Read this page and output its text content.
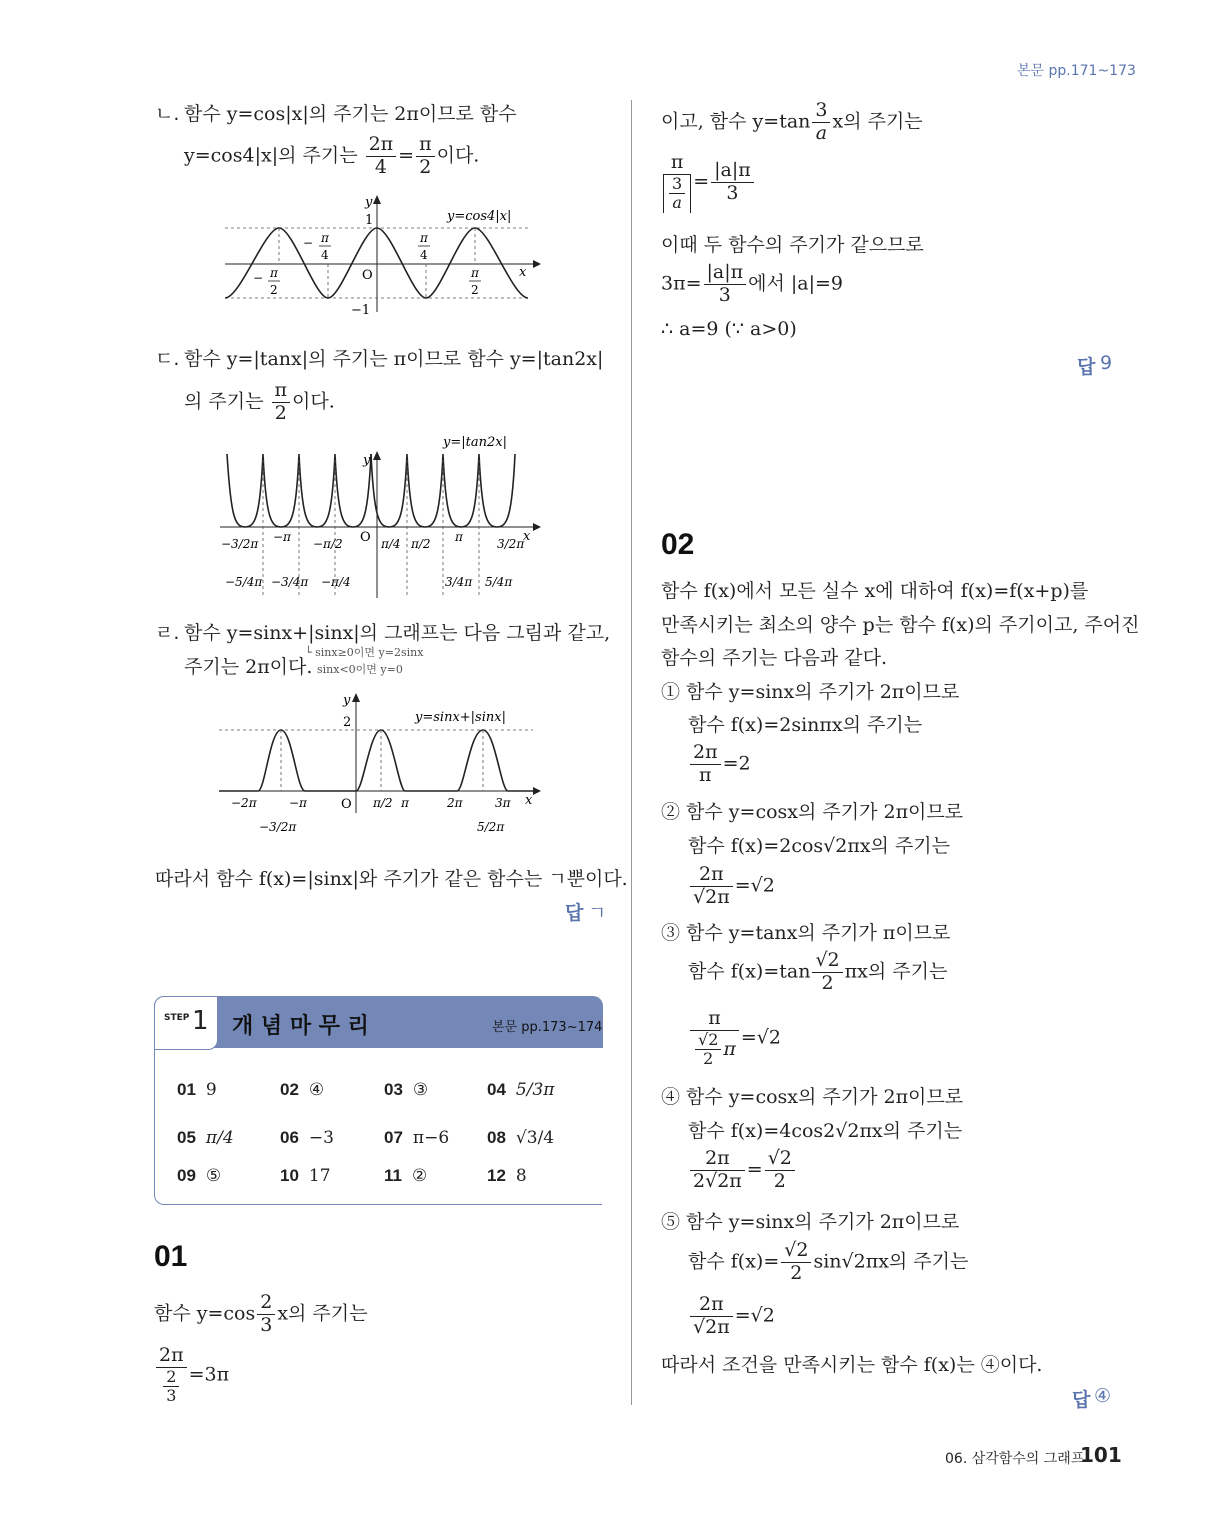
본문 pp.171~173
06. 삼각함수의 그래프
101
ㄴ. 함수 y=cos|x|의 주기는 2π이므로 함수
y=cos4|x|의 주기는 $\frac{2\pi}{4} = \frac{\pi}{2}$ 이다.
y
x
O
1
−1
y=cos4|x|
− π
4
π
4
− π
2
π
2
ㄷ. 함수 y=|tanx|의 주기는 π이므로 함수 y=|tan2x|
의 주기는 $\frac{\pi}{2}$ 이다.
y=|tan2x|
y
x
O
−3/2π −π −π/2	π/4 π/2 π	3/2π
−5/4π −3/4π −π/4	3/4π 5/4π
ㄹ. 함수 y=sinx+|sinx|의 그래프는 다음 그림과 같고,
주기는 2π이다.
└ sinx≥0이면 y=2sinx
sinx<0이면 y=0
y
x
O
2	y=sinx+|sinx|
−2π	−π	π/2 π	2π	3π
−3/2π	5/2π
따라서 함수 f(x)=|sinx|와 주기가 같은 함수는 ㄱ뿐이다.
답 ㄱ
STEP 1 개 념 마 무 리	본문 pp.173~174
01 9	02 ④	03 ③	04 5/3π
05 π/4	06 −3	07 π−6 08 √3/4
09 ⑤	10 17	11 ②	12 8
01
함수 $y=\cos \frac{2}{3}$ x의 주기는
$\frac{2\pi}{\frac{2}{3}} =3\pi$
이고, 함수 $y=\tan \frac{3}{a}$ x의 주기는
$\frac{\pi}{\frac{3}{a}} = \frac{|a|\pi}{3}$
이때 두 함수의 주기가 같으므로
$3\pi= \frac{|a|\pi}{3}$ 에서 |a|=9
∴ a=9 (∵ a>0)
답 9
02
함수 f(x)에서 모든 실수 x에 대하여 f(x)=f(x+p)를
만족시키는 최소의 양수 p는 함수 f(x)의 주기이고, 주어진
함수의 주기는 다음과 같다.
① 함수 y=sinx의 주기가 2π이므로
함수 f(x)=2sinπx의 주기는
$\frac{2\pi}{\pi} =2$
② 함수 y=cosx의 주기가 2π이므로
함수 f(x)=2cos√2πx의 주기는
$\frac{2\pi}{√2\pi} =√2$
③ 함수 y=tanx의 주기가 π이므로
함수 $f(x)=\tan \frac{√2}{2}$ πx의 주기는
$\frac{\pi}{\frac{√2}{2} \pi} =√2$
④ 함수 y=cosx의 주기가 2π이므로
함수 f(x)=4cos2√2πx의 주기는
$\frac{2\pi}{2√2\pi} = \frac{√2}{2}$
⑤ 함수 y=sinx의 주기가 2π이므로
함수 $f(x)= \frac{√2}{2} \sin√2\pi x$의 주기는
$\frac{2\pi}{√2\pi} =√2$
따라서 조건을 만족시키는 함수 f(x)는 ④이다.
답 ④
